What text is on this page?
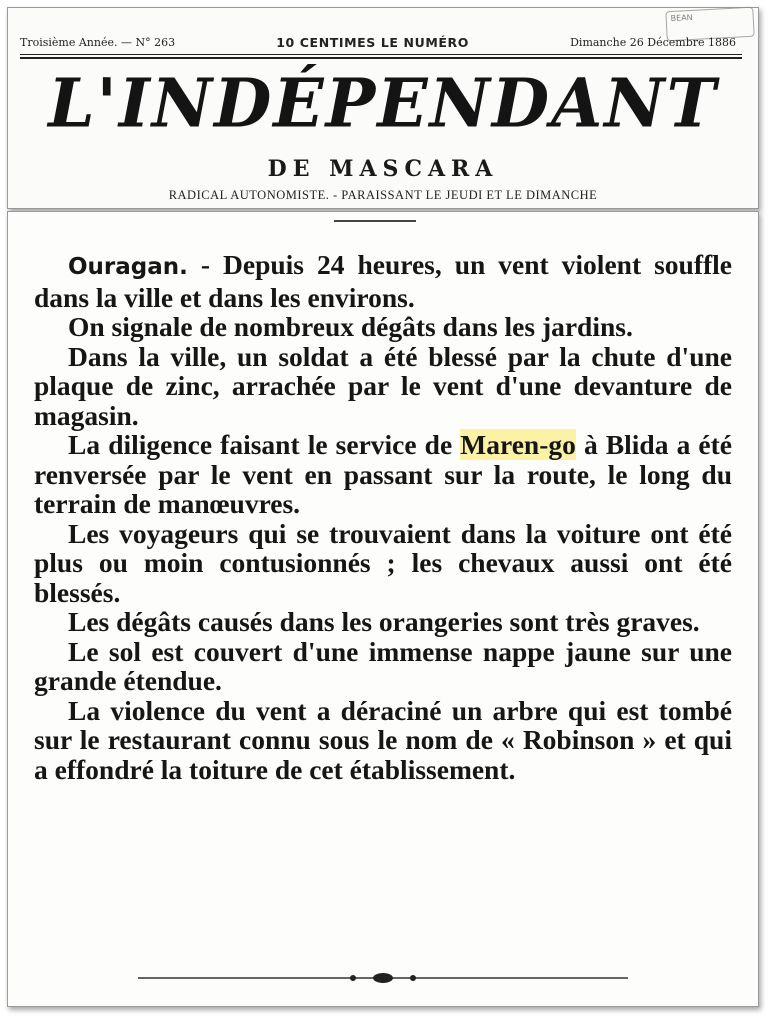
BEAN
Troisième Année. — N° 263	10 CENTIMES LE NUMÉRO	Dimanche 26 Décembre 1886
L'INDÉPENDANT
DE MASCARA
RADICAL AUTONOMISTE. - PARAISSANT LE JEUDI ET LE DIMANCHE

Ouragan. - Depuis 24 heures, un vent violent souffle dans la ville et dans les environs.

On signale de nombreux dégâts dans les jardins.

Dans la ville, un soldat a été blessé par la chute d'une plaque de zinc, arrachée par le vent d'une devanture de magasin.

La diligence faisant le service de Maren-go à Blida a été renversée par le vent en passant sur la route, le long du terrain de manœuvres.

Les voyageurs qui se trouvaient dans la voiture ont été plus ou moin contusionnés ; les chevaux aussi ont été blessés.

Les dégâts causés dans les orangeries sont très graves.

Le sol est couvert d'une immense nappe jaune sur une grande étendue.

La violence du vent a déraciné un arbre qui est tombé sur le restaurant connu sous le nom de « Robinson » et qui a effondré la toiture de cet établissement.
